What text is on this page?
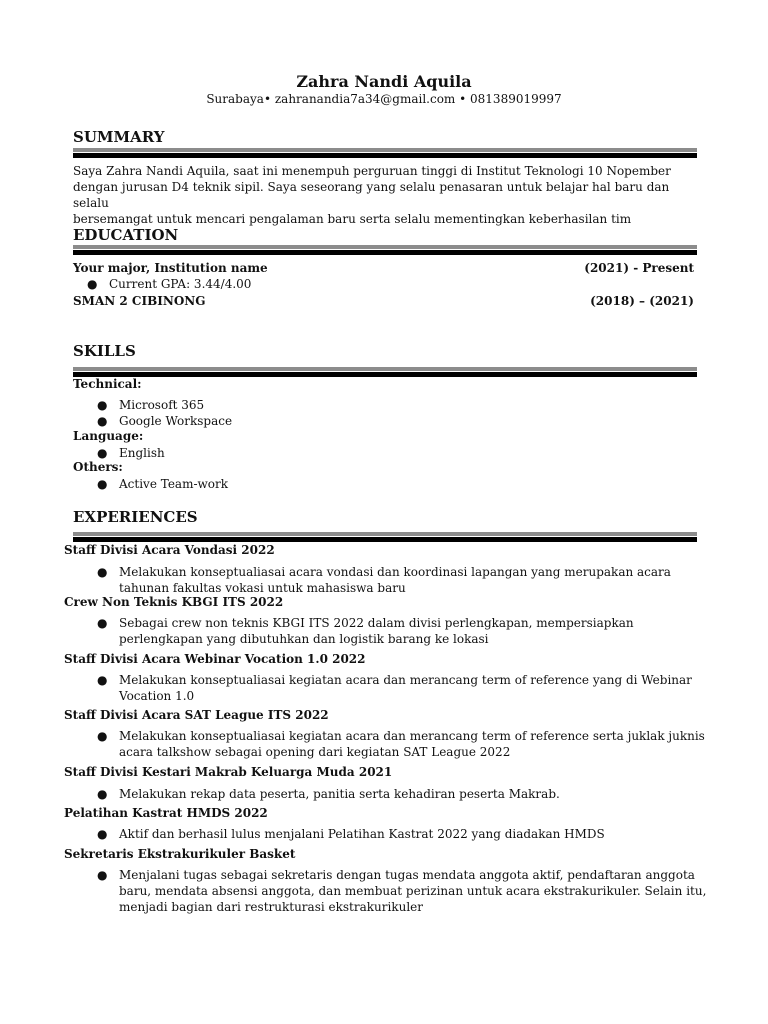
Zahra Nandi Aquila
Surabaya• zahranandia7a34@gmail.com • 081389019997
SUMMARY
Saya Zahra Nandi Aquila, saat ini menempuh perguruan tinggi di Institut Teknologi 10 Nopember
dengan jurusan D4 teknik sipil. Saya seseorang yang selalu penasaran untuk belajar hal baru dan selalu
bersemangat untuk mencari pengalaman baru serta selalu mementingkan keberhasilan tim
EDUCATION
Your major, Institution name	(2021) - Present
● Current GPA: 3.44/4.00
SMAN 2 CIBINONG	(2018) – (2021)
SKILLS
Technical:
● Microsoft 365
● Google Workspace
Language:
● English
Others:
● Active Team-work
EXPERIENCES
Staff Divisi Acara Vondasi 2022
● Melakukan konseptualiasai acara vondasi dan koordinasi lapangan yang merupakan acara
tahunan fakultas vokasi untuk mahasiswa baru
Crew Non Teknis KBGI ITS 2022
● Sebagai crew non teknis KBGI ITS 2022 dalam divisi perlengkapan, mempersiapkan
perlengkapan yang dibutuhkan dan logistik barang ke lokasi
Staff Divisi Acara Webinar Vocation 1.0 2022
● Melakukan konseptualiasai kegiatan acara dan merancang term of reference yang di Webinar
Vocation 1.0
Staff Divisi Acara SAT League ITS 2022
● Melakukan konseptualiasai kegiatan acara dan merancang term of reference serta juklak juknis
acara talkshow sebagai opening dari kegiatan SAT League 2022
Staff Divisi Kestari Makrab Keluarga Muda 2021
● Melakukan rekap data peserta, panitia serta kehadiran peserta Makrab.
Pelatihan Kastrat HMDS 2022
● Aktif dan berhasil lulus menjalani Pelatihan Kastrat 2022 yang diadakan HMDS
Sekretaris Ekstrakurikuler Basket
● Menjalani tugas sebagai sekretaris dengan tugas mendata anggota aktif, pendaftaran anggota
baru, mendata absensi anggota, dan membuat perizinan untuk acara ekstrakurikuler. Selain itu,
menjadi bagian dari restrukturasi ekstrakurikuler
